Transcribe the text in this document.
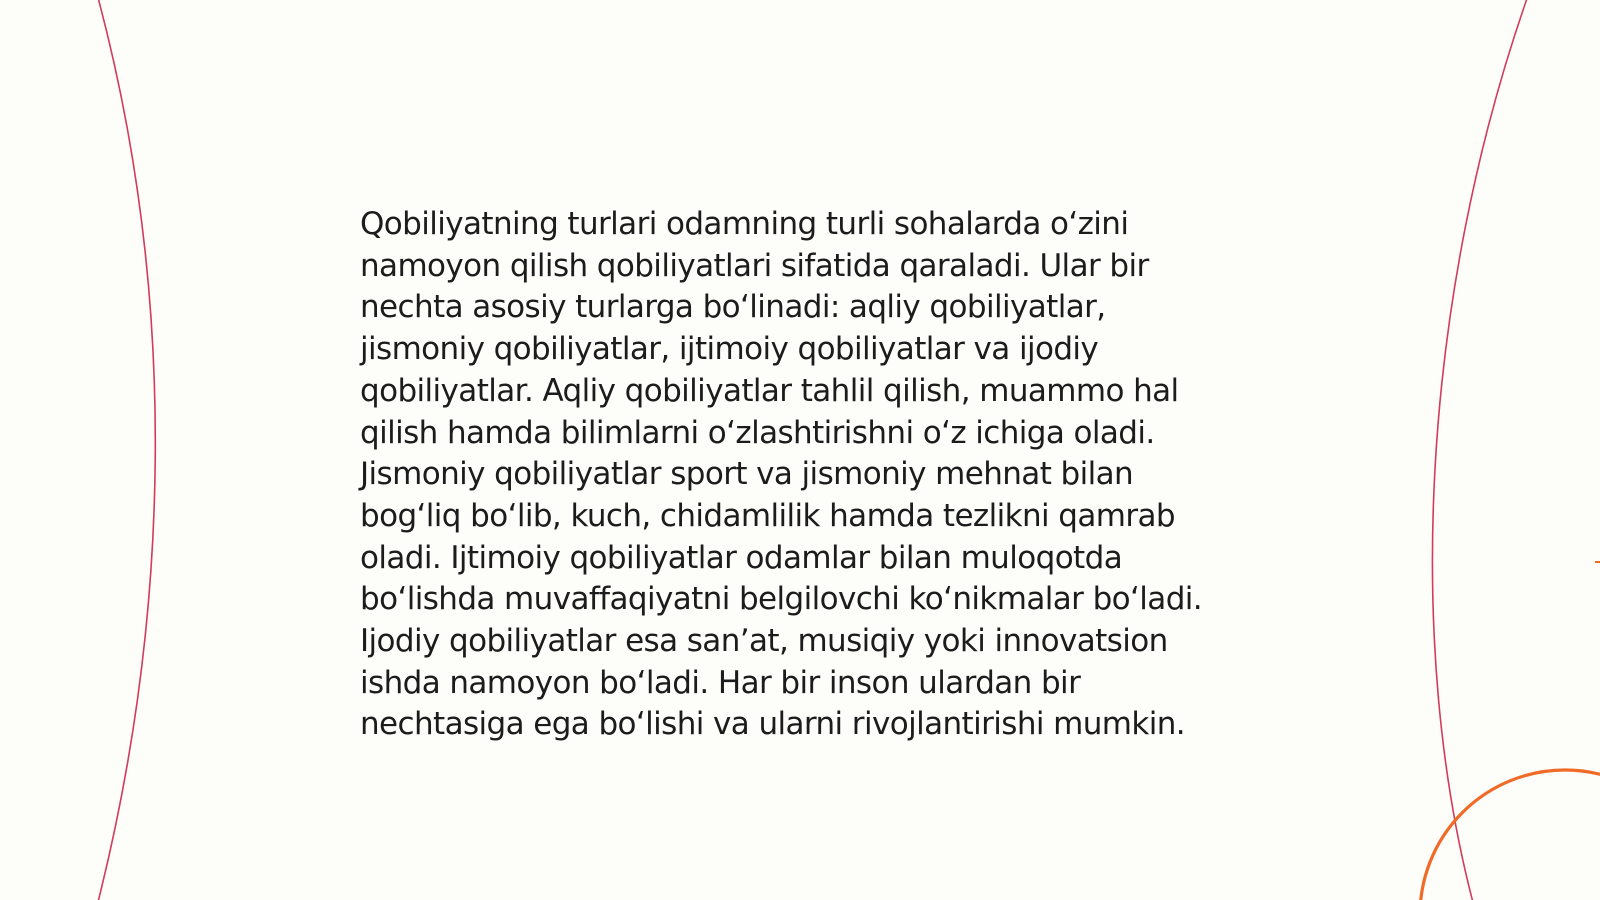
Qobiliyatning turlari odamning turli sohalarda o‘zini namoyon qilish qobiliyatlari sifatida qaraladi. Ular bir nechta asosiy turlarga bo‘linadi: aqliy qobiliyatlar, jismoniy qobiliyatlar, ijtimoiy qobiliyatlar va ijodiy qobiliyatlar. Aqliy qobiliyatlar tahlil qilish, muammo hal qilish hamda bilimlarni o‘zlashtirishni o‘z ichiga oladi. Jismoniy qobiliyatlar sport va jismoniy mehnat bilan bog‘liq bo‘lib, kuch, chidamlilik hamda tezlikni qamrab oladi. Ijtimoiy qobiliyatlar odamlar bilan muloqotda bo‘lishda muvaffaqiyatni belgilovchi ko‘nikmalar bo‘ladi. Ijodiy qobiliyatlar esa san’at, musiqiy yoki innovatsion ishda namoyon bo‘ladi. Har bir inson ulardan bir nechtasiga ega bo‘lishi va ularni rivojlantirishi mumkin.
